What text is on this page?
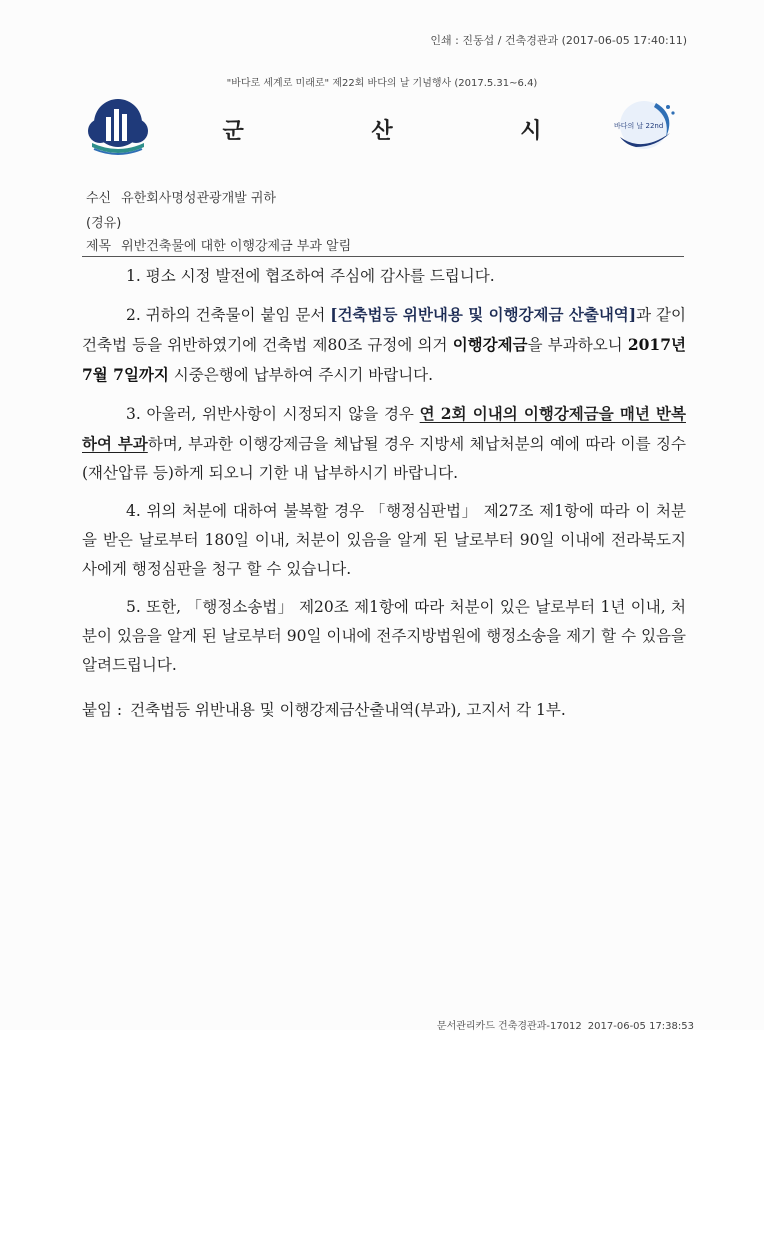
인쇄 : 진동섭 / 건축경관과 (2017-06-05 17:40:11)
"바다로 세계로 미래로" 제22회 바다의 날 기념행사 (2017.5.31~6.4)
바다의 날 22nd
군 산 시
수신 유한회사명성관광개발 귀하
(경유)
제목 위반건축물에 대한 이행강제금 부과 알림

1. 평소 시정 발전에 협조하여 주심에 감사를 드립니다.

2. 귀하의 건축물이 붙임 문서 [건축법등 위반내용 및 이행강제금 산출내역]과 같이 건축법 등을 위반하였기에 건축법 제80조 규정에 의거 이행강제금을 부과하오니 2017년 7월 7일까지 시중은행에 납부하여 주시기 바랍니다.

3. 아울러, 위반사항이 시정되지 않을 경우 연 2회 이내의 이행강제금을 매년 반복하여 부과하며, 부과한 이행강제금을 체납될 경우 지방세 체납처분의 예에 따라 이를 징수(재산압류 등)하게 되오니 기한 내 납부하시기 바랍니다.

4. 위의 처분에 대하여 불복할 경우 「행정심판법」 제27조 제1항에 따라 이 처분을 받은 날로부터 180일 이내, 처분이 있음을 알게 된 날로부터 90일 이내에 전라북도지사에게 행정심판을 청구 할 수 있습니다.

5. 또한, 「행정소송법」 제20조 제1항에 따라 처분이 있은 날로부터 1년 이내, 처분이 있음을 알게 된 날로부터 90일 이내에 전주지방법원에 행정소송을 제기 할 수 있음을 알려드립니다.

붙임 : 건축법등 위반내용 및 이행강제금산출내역(부과), 고지서 각 1부.
문서관리카드 건축경관과-17012 2017-06-05 17:38:53
